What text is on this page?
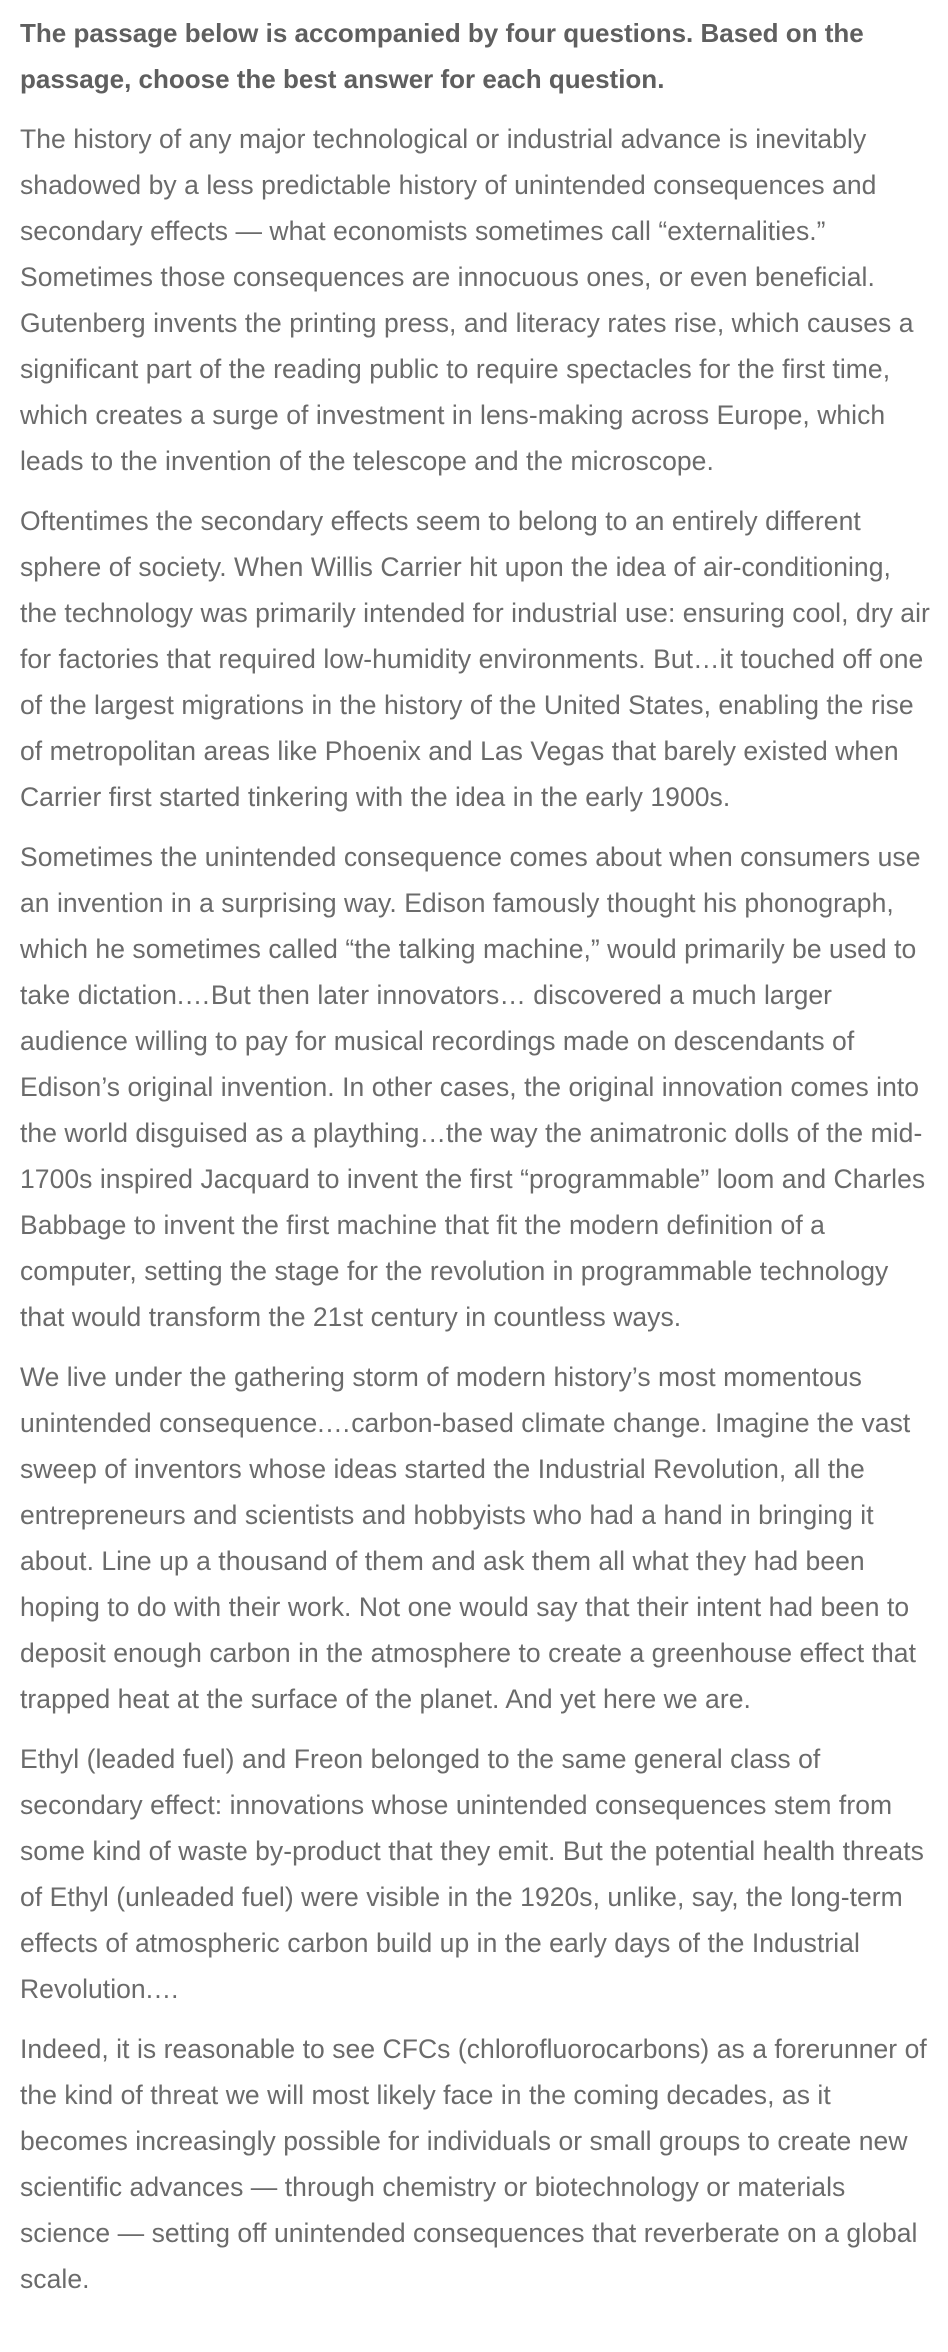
The passage below is accompanied by four questions. Based on the passage, choose the best answer for each question.

The history of any major technological or industrial advance is inevitably shadowed by a less predictable history of unintended consequences and secondary effects — what economists sometimes call “externalities.” Sometimes those consequences are innocuous ones, or even beneficial. Gutenberg invents the printing press, and literacy rates rise, which causes a significant part of the reading public to require spectacles for the first time, which creates a surge of investment in lens-making across Europe, which leads to the invention of the telescope and the microscope.

Oftentimes the secondary effects seem to belong to an entirely different sphere of society. When Willis Carrier hit upon the idea of air-conditioning, the technology was primarily intended for industrial use: ensuring cool, dry air for factories that required low-humidity environments. But…it touched off one of the largest migrations in the history of the United States, enabling the rise of metropolitan areas like Phoenix and Las Vegas that barely existed when Carrier first started tinkering with the idea in the early 1900s.

Sometimes the unintended consequence comes about when consumers use an invention in a surprising way. Edison famously thought his phonograph, which he sometimes called “the talking machine,” would primarily be used to take dictation.…But then later innovators… discovered a much larger audience willing to pay for musical recordings made on descendants of Edison’s original invention. In other cases, the original innovation comes into the world disguised as a plaything…the way the animatronic dolls of the mid-1700s inspired Jacquard to invent the first “programmable” loom and Charles Babbage to invent the first machine that fit the modern definition of a computer, setting the stage for the revolution in programmable technology that would transform the 21st century in countless ways.

We live under the gathering storm of modern history’s most momentous unintended consequence.…carbon-based climate change. Imagine the vast sweep of inventors whose ideas started the Industrial Revolution, all the entrepreneurs and scientists and hobbyists who had a hand in bringing it about. Line up a thousand of them and ask them all what they had been hoping to do with their work. Not one would say that their intent had been to deposit enough carbon in the atmosphere to create a greenhouse effect that trapped heat at the surface of the planet. And yet here we are.

Ethyl (leaded fuel) and Freon belonged to the same general class of secondary effect: innovations whose unintended consequences stem from some kind of waste by-product that they emit. But the potential health threats of Ethyl (unleaded fuel) were visible in the 1920s, unlike, say, the long-term effects of atmospheric carbon build up in the early days of the Industrial Revolution.…

Indeed, it is reasonable to see CFCs (chlorofluorocarbons) as a forerunner of the kind of threat we will most likely face in the coming decades, as it becomes increasingly possible for individuals or small groups to create new scientific advances — through chemistry or biotechnology or materials science — setting off unintended consequences that reverberate on a global scale.
